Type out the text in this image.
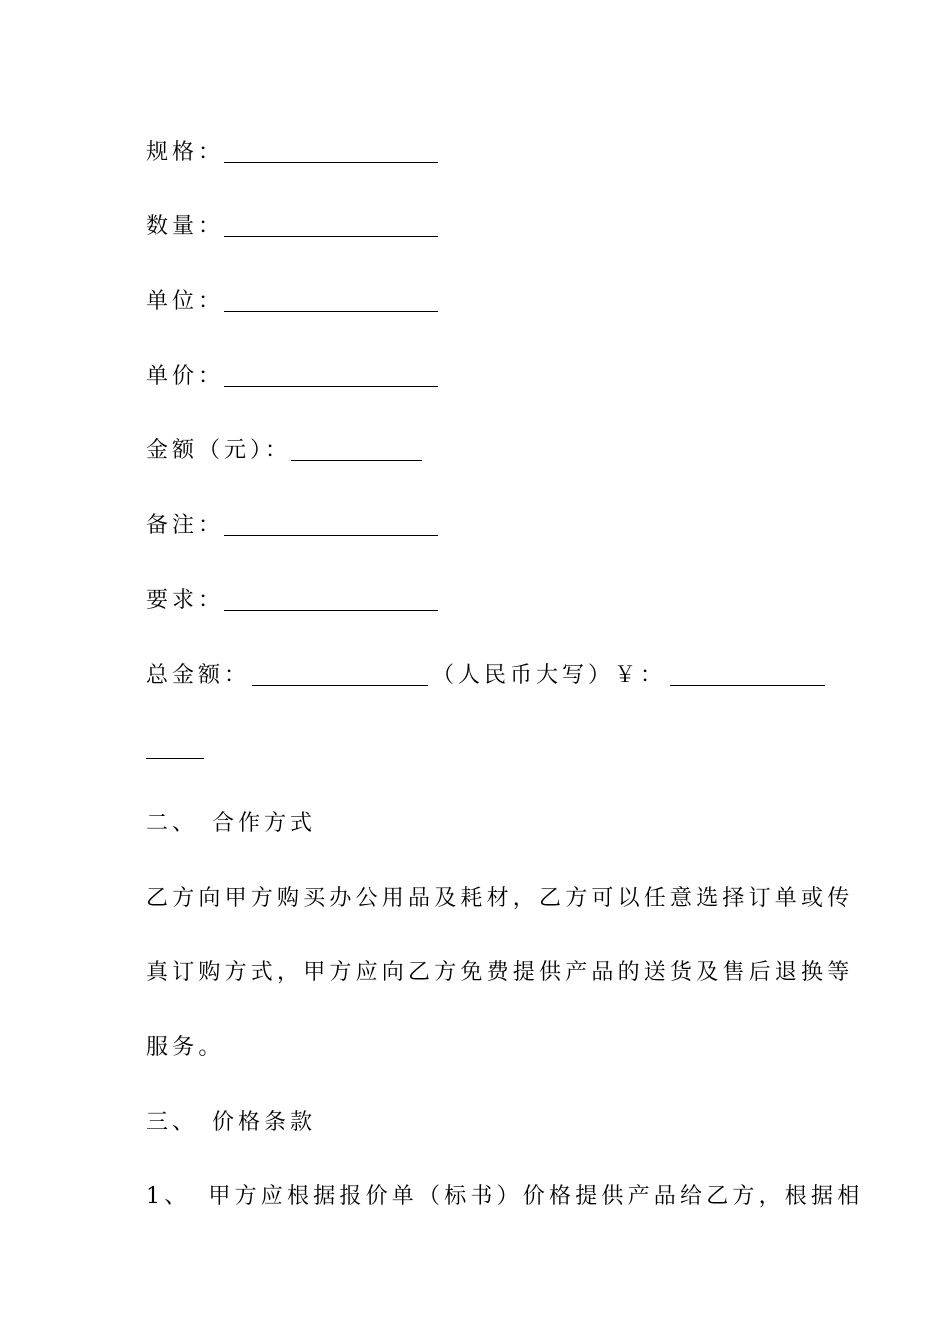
规格：
数量：
单位：
单价：
金额（元）：
备注：
要求：
总金额：	（人民币大写） ￥：
二、 合作方式
乙方向甲方购买办公用品及耗材，乙方可以任意选择订单或传
真订购方式，甲方应向乙方免费提供产品的送货及售后退换等
服务。
三、 价格条款
1、 甲方应根据报价单（标书）价格提供产品给乙方，根据相
